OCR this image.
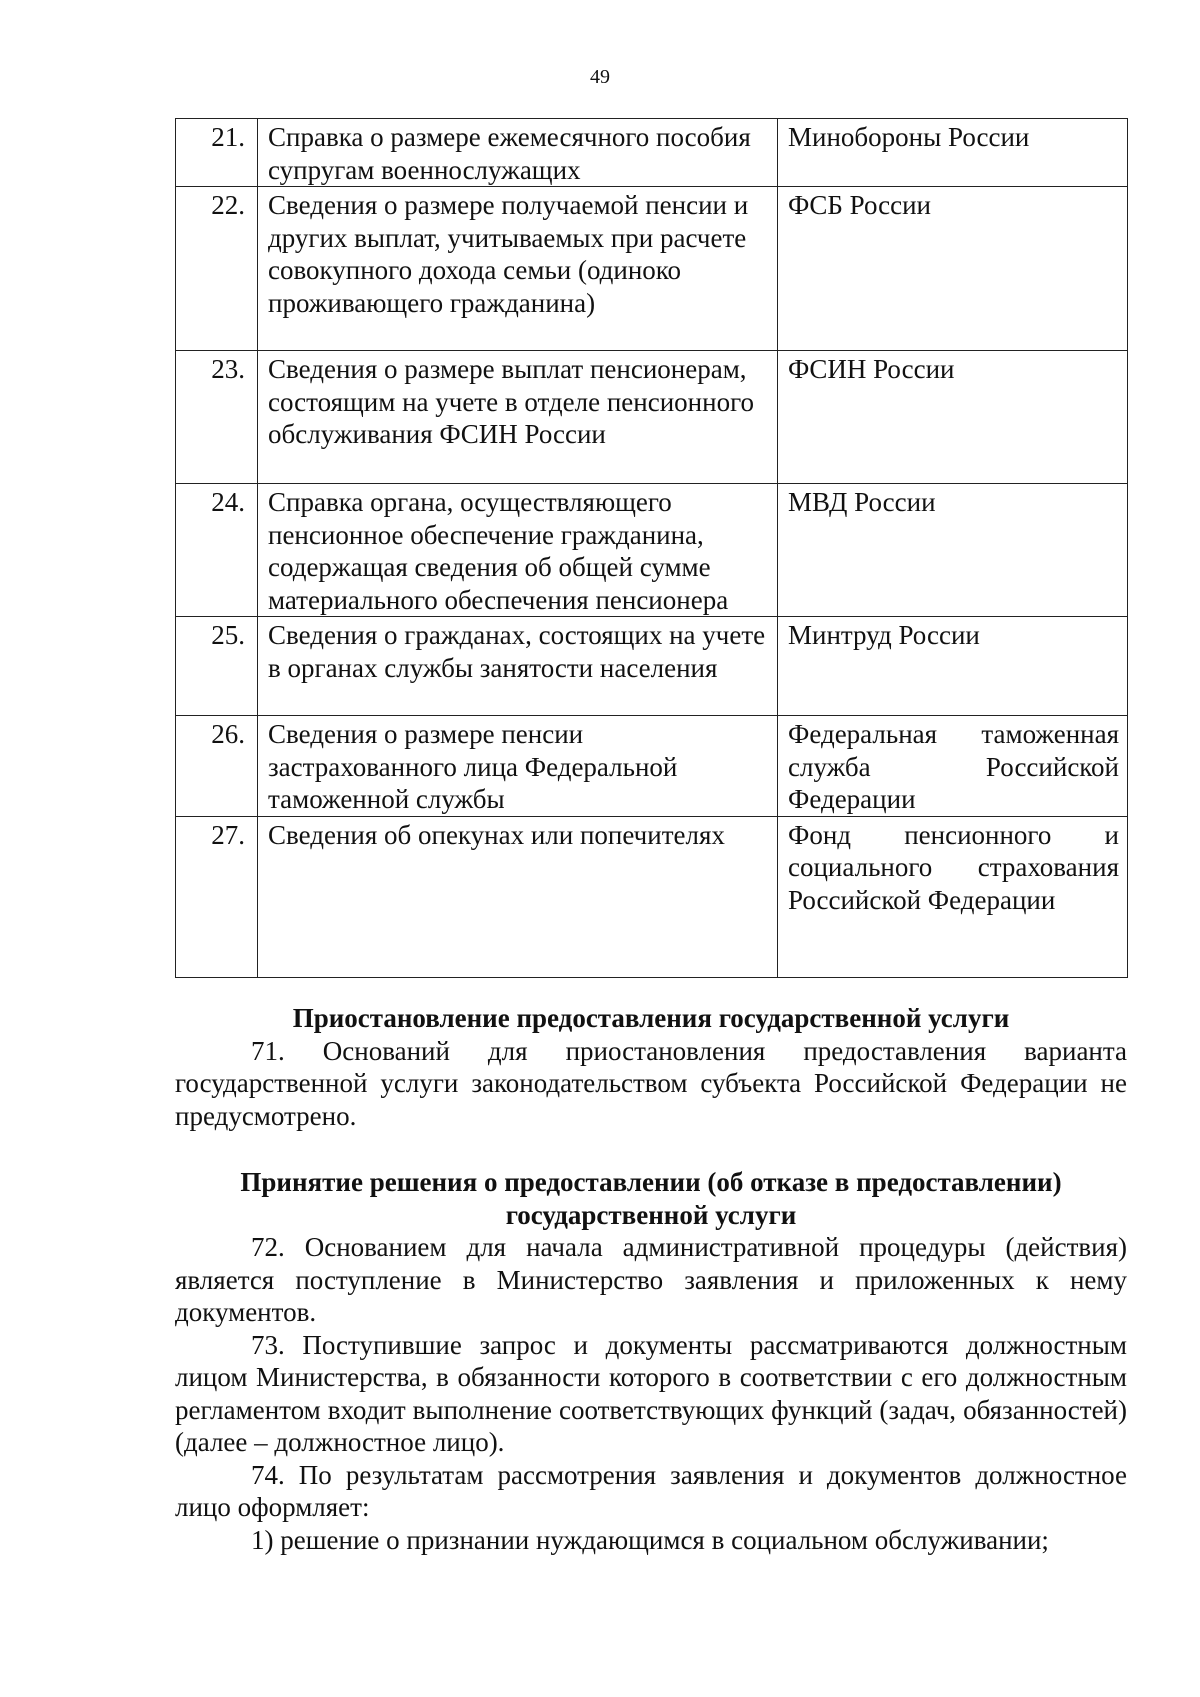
49
21.	Справка о размере ежемесячного пособия супругам военнослужащих	Минобороны России
22.	Сведения о размере получаемой пенсии и других выплат, учитываемых при расчете совокупного дохода семьи (одиноко проживающего гражданина)	ФСБ России
23.	Сведения о размере выплат пенсионерам, состоящим на учете в отделе пенсионного обслуживания ФСИН России	ФСИН России
24.	Справка органа, осуществляющего пенсионное обеспечение гражданина, содержащая сведения об общей сумме материального обеспечения пенсионера	МВД России
25.	Сведения о гражданах, состоящих на учете в органах службы занятости населения	Минтруд России
26.	Сведения о размере пенсии застрахованного лица Федеральной таможенной службы	Федеральная таможенная служба Российской Федерации
27.	Сведения об опекунах или попечителях	Фонд пенсионного и социального страхования Российской Федерации
Приостановление предоставления государственной услуги
71. Оснований для приостановления предоставления варианта государственной услуги законодательством субъекта Российской Федерации не предусмотрено.
Принятие решения о предоставлении (об отказе в предоставлении)
государственной услуги
72. Основанием для начала административной процедуры (действия) является поступление в Министерство заявления и приложенных к нему документов.
73. Поступившие запрос и документы рассматриваются должностным лицом Министерства, в обязанности которого в соответствии с его должностным регламентом входит выполнение соответствующих функций (задач, обязанностей) (далее – должностное лицо).
74. По результатам рассмотрения заявления и документов должностное лицо оформляет:
1) решение о признании нуждающимся в социальном обслуживании;
